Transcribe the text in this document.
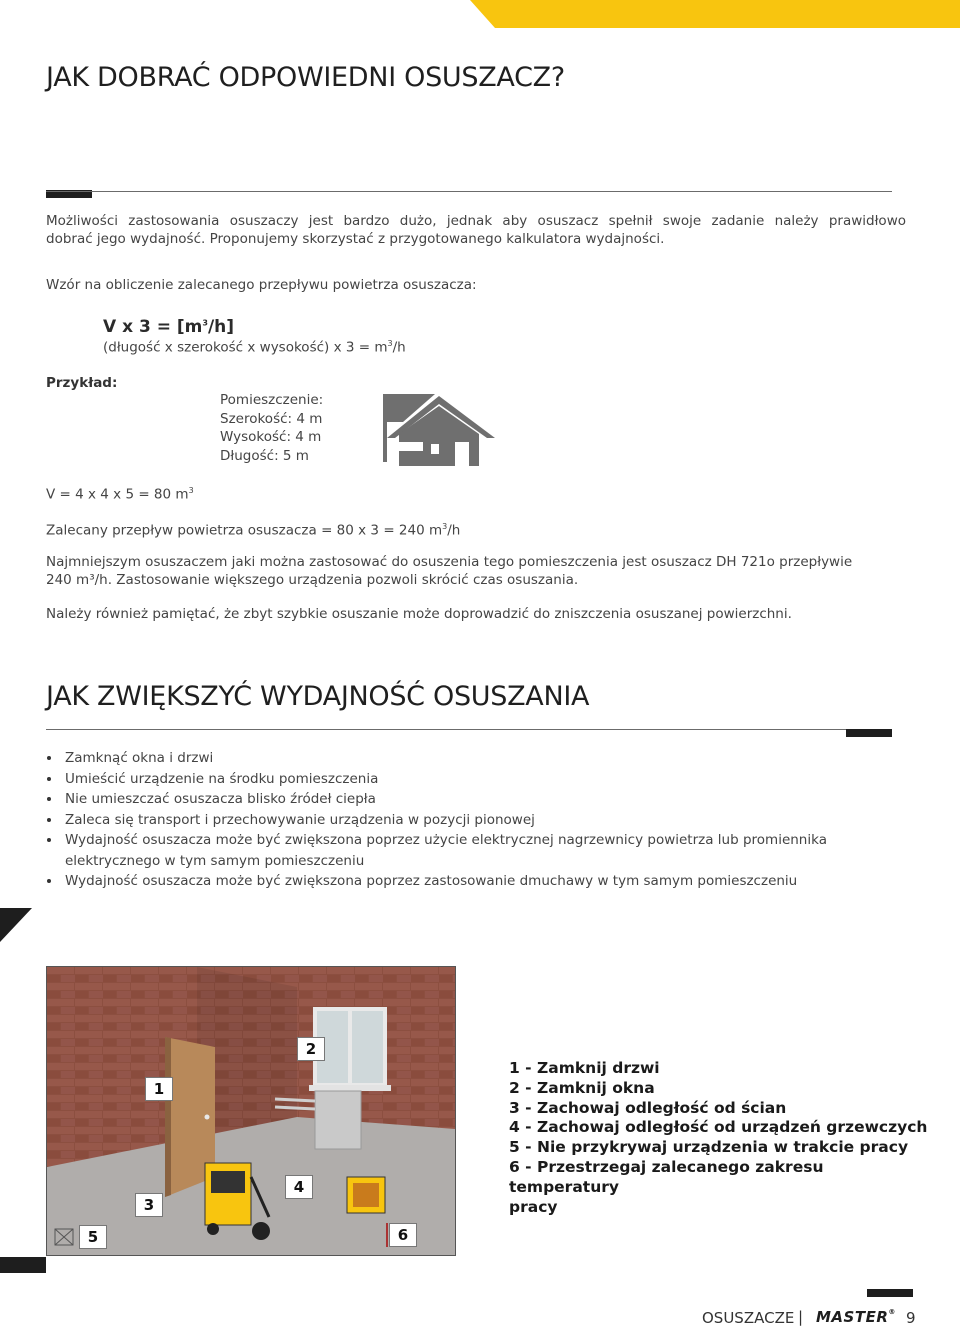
JAK DOBRAĆ ODPOWIEDNI OSUSZACZ?
Możliwości zastosowania osuszaczy jest bardzo dużo, jednak aby osuszacz spełnił swoje zadanie należy prawidłowo
dobrać jego wydajność. Proponujemy skorzystać z przygotowanego kalkulatora wydajności.
Wzór na obliczenie zalecanego przepływu powietrza osuszacza:
V x $3 = [m^3/h]$
(długość x szerokość x wysokość) x $3 = m^3/h$
Przykład:
Pomieszczenie:
Szerokość: 4 m
Wysokość: 4 m
Długość: 5 m
V = 4 x 4 x 5 = 80 $m^3$
Zalecany przepływ powietrza osuszacza = 80 x 3 = 240 $m^3/h$
Najmniejszym osuszaczem jaki można zastosować do osuszenia tego pomieszczenia jest osuszacz DH 721o przepływie
240 m³/h. Zastosowanie większego urządzenia pozwoli skrócić czas osuszania.
Należy również pamiętać, że zbyt szybkie osuszanie może doprowadzić do zniszczenia osuszanej powierzchni.
JAK ZWIĘKSZYĆ WYDAJNOŚĆ OSUSZANIA
Zamknąć okna i drzwi
Umieścić urządzenie na środku pomieszczenia
Nie umieszczać osuszacza blisko źródeł ciepła
Zaleca się transport i przechowywanie urządzenia w pozycji pionowej
Wydajność osuszacza może być zwiększona poprzez użycie elektrycznej nagrzewnicy powietrza lub promiennika
elektrycznego w tym samym pomieszczeniu
Wydajność osuszacza może być zwiększona poprzez zastosowanie dmuchawy w tym samym pomieszczeniu
1
2
3
4
5	6
1 - Zamknij drzwi
2 - Zamknij okna
3 - Zachowaj odległość od ścian
4 - Zachowaj odległość od urządzeń grzewczych
5 - Nie przykrywaj urządzenia w trakcie pracy
6 - Przestrzegaj zalecanego zakresu temperatury
pracy
OSUSZACZE | MASTER® 9
